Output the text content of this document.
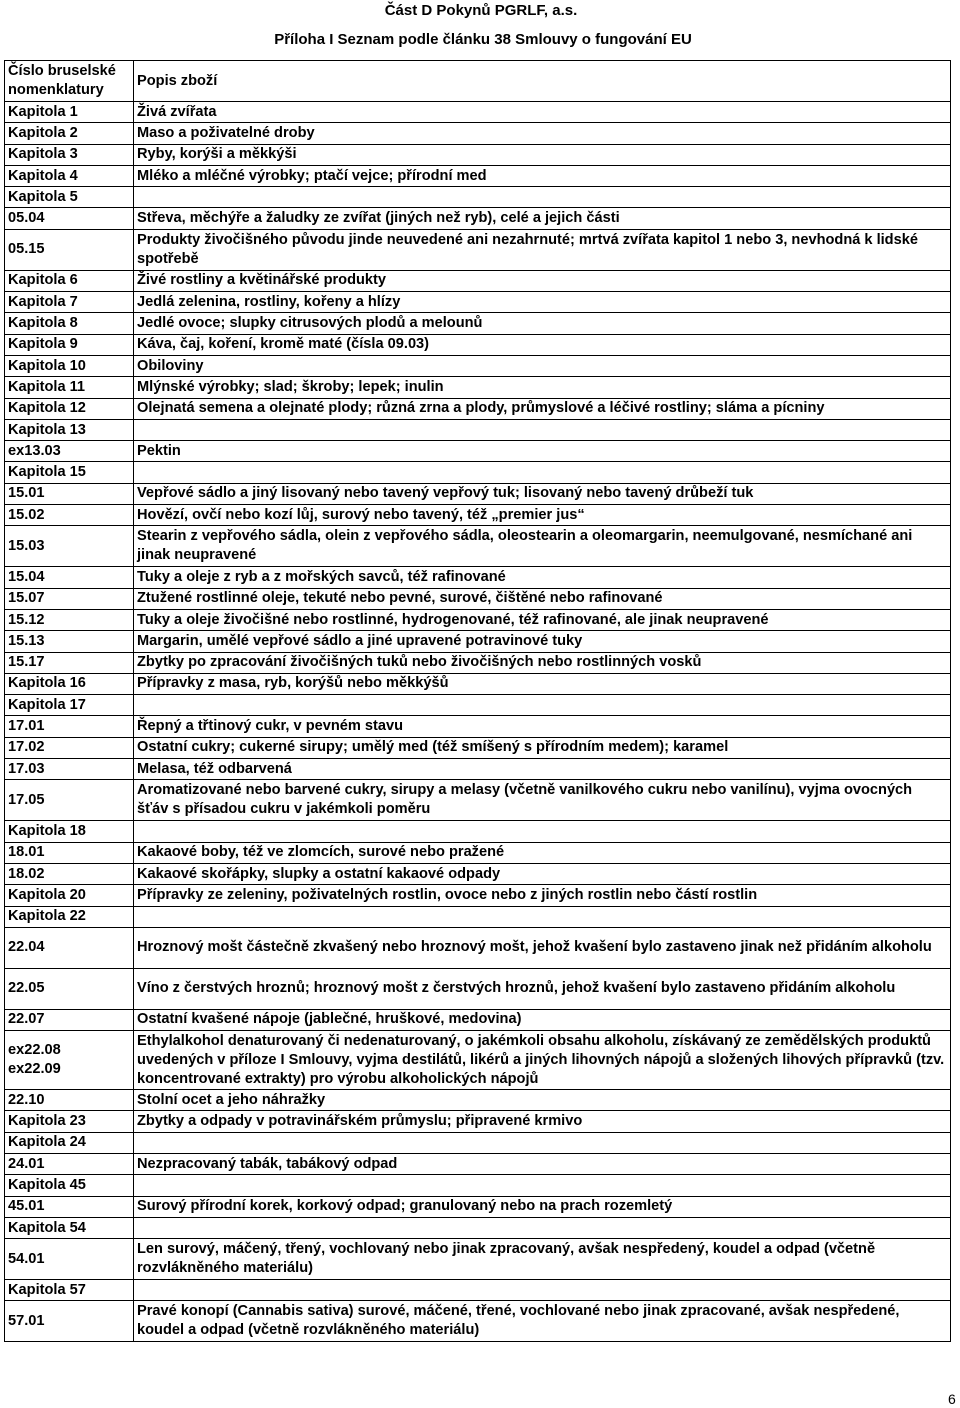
Část D Pokynů PGRLF, a.s.
Příloha I Seznam podle článku 38 Smlouvy o fungování EU
Číslo bruselské
nomenklatury	Popis zboží
Kapitola 1	Živá zvířata
Kapitola 2	Maso a poživatelné droby
Kapitola 3	Ryby, korýši a měkkýši
Kapitola 4	Mléko a mléčné výrobky; ptačí vejce; přírodní med
Kapitola 5	
05.04	Střeva, měchýře a žaludky ze zvířat (jiných než ryb), celé a jejich části
05.15	Produkty živočišného původu jinde neuvedené ani nezahrnuté; mrtvá zvířata kapitol 1 nebo 3, nevhodná k lidské spotřebě
Kapitola 6	Živé rostliny a květinářské produkty
Kapitola 7	Jedlá zelenina, rostliny, kořeny a hlízy
Kapitola 8	Jedlé ovoce; slupky citrusových plodů a melounů
Kapitola 9	Káva, čaj, koření, kromě maté (čísla 09.03)
Kapitola 10	Obiloviny
Kapitola 11	Mlýnské výrobky; slad; škroby; lepek; inulin
Kapitola 12	Olejnatá semena a olejnaté plody; různá zrna a plody, průmyslové a léčivé rostliny; sláma a pícniny
Kapitola 13	
ex13.03	Pektin
Kapitola 15	
15.01	Vepřové sádlo a jiný lisovaný nebo tavený vepřový tuk; lisovaný nebo tavený drůbeží tuk
15.02	Hovězí, ovčí nebo kozí lůj, surový nebo tavený, též „premier jus“
15.03	Stearin z vepřového sádla, olein z vepřového sádla, oleostearin a oleomargarin, neemulgované, nesmíchané ani jinak neupravené
15.04	Tuky a oleje z ryb a z mořských savců, též rafinované
15.07	Ztužené rostlinné oleje, tekuté nebo pevné, surové, čištěné nebo rafinované
15.12	Tuky a oleje živočišné nebo rostlinné, hydrogenované, též rafinované, ale jinak neupravené
15.13	Margarin, umělé vepřové sádlo a jiné upravené potravinové tuky
15.17	Zbytky po zpracování živočišných tuků nebo živočišných nebo rostlinných vosků
Kapitola 16	Přípravky z masa, ryb, korýšů nebo měkkýšů
Kapitola 17	
17.01	Řepný a třtinový cukr, v pevném stavu
17.02	Ostatní cukry; cukerné sirupy; umělý med (též smíšený s přírodním medem); karamel
17.03	Melasa, též odbarvená
17.05	Aromatizované nebo barvené cukry, sirupy a melasy (včetně vanilkového cukru nebo vanilínu), vyjma ovocných šťáv s přísadou cukru v jakémkoli poměru
Kapitola 18	
18.01	Kakaové boby, též ve zlomcích, surové nebo pražené
18.02	Kakaové skořápky, slupky a ostatní kakaové odpady
Kapitola 20	Přípravky ze zeleniny, poživatelných rostlin, ovoce nebo z jiných rostlin nebo částí rostlin
Kapitola 22	
22.04	Hroznový mošt částečně zkvašený nebo hroznový mošt, jehož kvašení bylo zastaveno jinak než přidáním alkoholu
22.05	Víno z čerstvých hroznů; hroznový mošt z čerstvých hroznů, jehož kvašení bylo zastaveno přidáním alkoholu
22.07	Ostatní kvašené nápoje (jablečné, hruškové, medovina)
ex22.08
ex22.09	Ethylalkohol denaturovaný či nedenaturovaný, o jakémkoli obsahu alkoholu, získávaný ze zemědělských produktů uvedených v příloze I Smlouvy, vyjma destilátů, likérů a jiných lihovných nápojů a složených lihových přípravků (tzv. koncentrované extrakty) pro výrobu alkoholických nápojů
22.10	Stolní ocet a jeho náhražky
Kapitola 23	Zbytky a odpady v potravinářském průmyslu; připravené krmivo
Kapitola 24	
24.01	Nezpracovaný tabák, tabákový odpad
Kapitola 45	
45.01	Surový přírodní korek, korkový odpad; granulovaný nebo na prach rozemletý
Kapitola 54	
54.01	Len surový, máčený, třený, vochlovaný nebo jinak zpracovaný, avšak nespředený, koudel a odpad (včetně rozvlákněného materiálu)
Kapitola 57	
57.01	Pravé konopí (Cannabis sativa) surové, máčené, třené, vochlované nebo jinak zpracované, avšak nespředené, koudel a odpad (včetně rozvlákněného materiálu)
6
